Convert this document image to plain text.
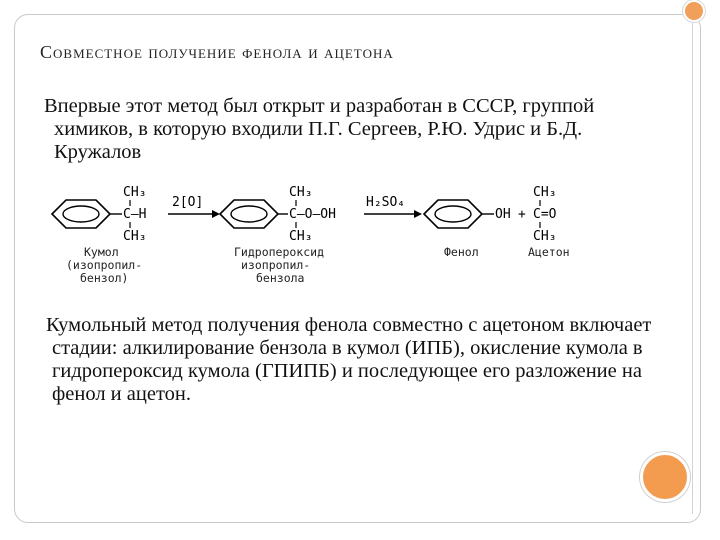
Совместное получение фенола и ацетона

Впервые этот метод был открыт и разработан в СССР, группой химиков, в которую входили П.Г. Сергеев, Р.Ю. Удрис и Б.Д. Кружалов

CH₃
C–H
CH₃
2[O]
CH₃
C–O–OH
CH₃
H₂SO₄
OH +
CH₃
C=O
CH₃
Кумол
(изопропил-
бензол)
Гидропероксид
изопропил-
бензола
Фенол	Ацетон

Кумольный метод получения фенола совместно с ацетоном включает стадии: алкилирование бензола в кумол (ИПБ), окисление кумола в гидропероксид кумола (ГПИПБ) и последующее его разложение на фенол и ацетон.
